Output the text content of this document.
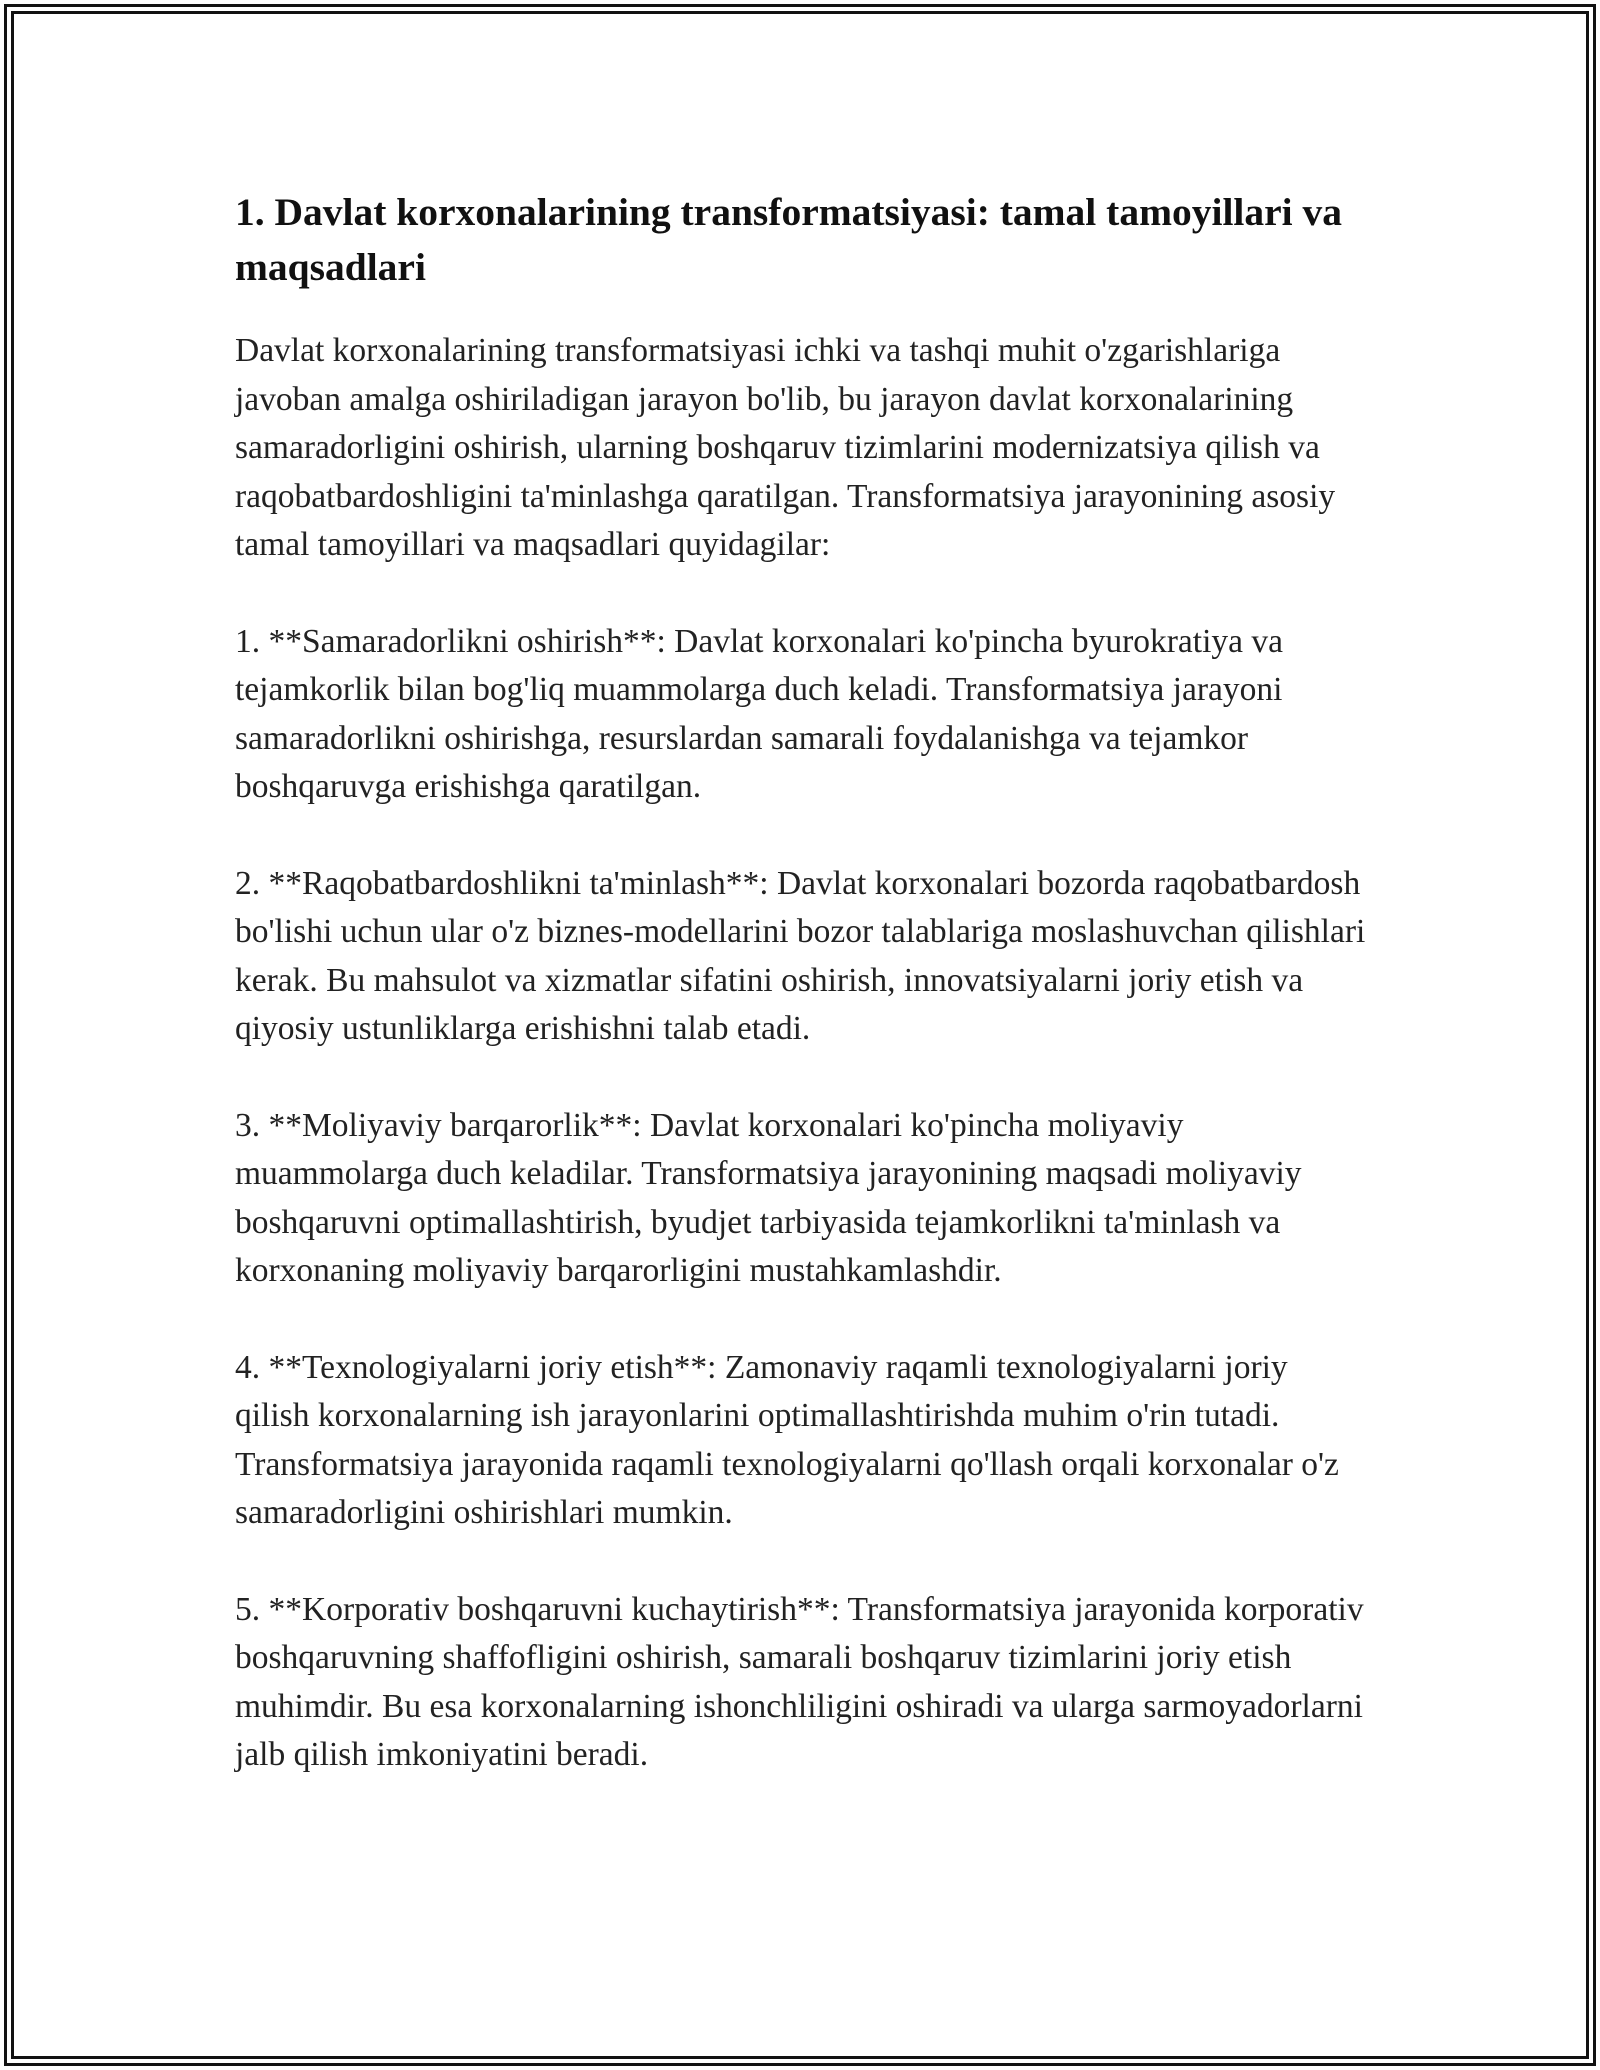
1. Davlat korxonalarining transformatsiyasi: tamal tamoyillari va maqsadlari

Davlat korxonalarining transformatsiyasi ichki va tashqi muhit o'zgarishlariga javoban amalga oshiriladigan jarayon bo'lib, bu jarayon davlat korxonalarining samaradorligini oshirish, ularning boshqaruv tizimlarini modernizatsiya qilish va raqobatbardoshligini ta'minlashga qaratilgan. Transformatsiya jarayonining asosiy tamal tamoyillari va maqsadlari quyidagilar:

1. **Samaradorlikni oshirish**: Davlat korxonalari ko'pincha byurokratiya va tejamkorlik bilan bog'liq muammolarga duch keladi. Transformatsiya jarayoni samaradorlikni oshirishga, resurslardan samarali foydalanishga va tejamkor boshqaruvga erishishga qaratilgan.

2. **Raqobatbardoshlikni ta'minlash**: Davlat korxonalari bozorda raqobatbardosh bo'lishi uchun ular o'z biznes-modellarini bozor talablariga moslashuvchan qilishlari kerak. Bu mahsulot va xizmatlar sifatini oshirish, innovatsiyalarni joriy etish va qiyosiy ustunliklarga erishishni talab etadi.

3. **Moliyaviy barqarorlik**: Davlat korxonalari ko'pincha moliyaviy muammolarga duch keladilar. Transformatsiya jarayonining maqsadi moliyaviy boshqaruvni optimallashtirish, byudjet tarbiyasida tejamkorlikni ta'minlash va korxonaning moliyaviy barqarorligini mustahkamlashdir.

4. **Texnologiyalarni joriy etish**: Zamonaviy raqamli texnologiyalarni joriy qilish korxonalarning ish jarayonlarini optimallashtirishda muhim o'rin tutadi. Transformatsiya jarayonida raqamli texnologiyalarni qo'llash orqali korxonalar o'z samaradorligini oshirishlari mumkin.

5. **Korporativ boshqaruvni kuchaytirish**: Transformatsiya jarayonida korporativ boshqaruvning shaffofligini oshirish, samarali boshqaruv tizimlarini joriy etish muhimdir. Bu esa korxonalarning ishonchliligini oshiradi va ularga sarmoyadorlarni jalb qilish imkoniyatini beradi.
